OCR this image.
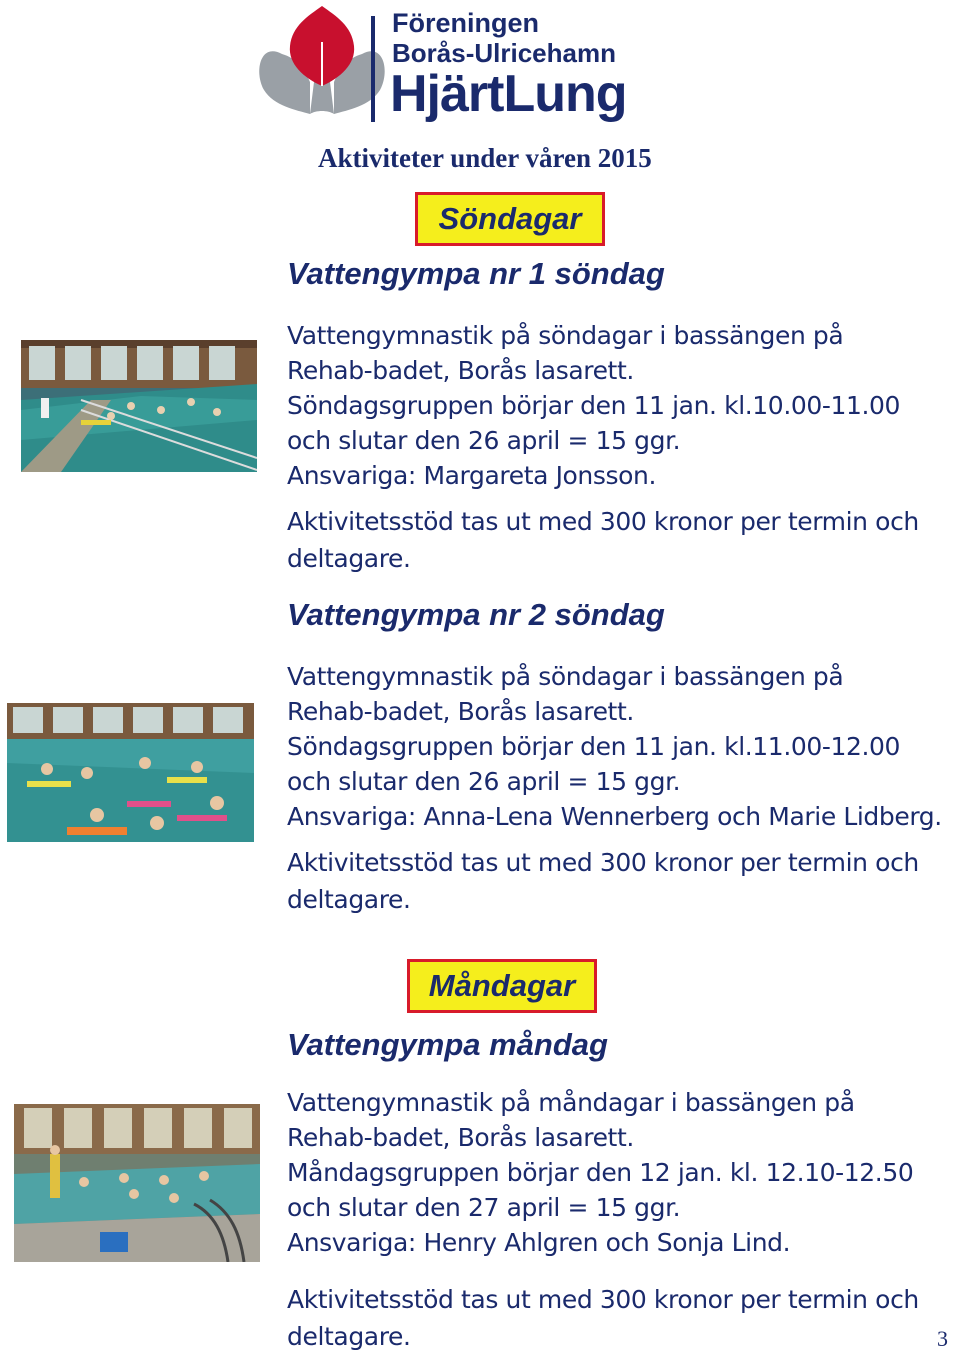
Föreningen
Borås-Ulricehamn
HjärtLung
Aktiviteter under våren 2015
Söndagar
Vattengympa nr 1 söndag
Vattengymnastik på söndagar i bassängen på
Rehab-badet, Borås lasarett.
Söndagsgruppen börjar den 11 jan. kl.10.00-11.00
och slutar den 26 april = 15 ggr.
Ansvariga: Margareta Jonsson.
Aktivitetsstöd tas ut med 300 kronor per termin och
deltagare.
Vattengympa nr 2 söndag
Vattengymnastik på söndagar i bassängen på
Rehab-badet, Borås lasarett.
Söndagsgruppen börjar den 11 jan. kl.11.00-12.00
och slutar den 26 april = 15 ggr.
Ansvariga: Anna-Lena Wennerberg och Marie Lidberg.
Aktivitetsstöd tas ut med 300 kronor per termin och
deltagare.
Måndagar
Vattengympa måndag
Vattengymnastik på måndagar i bassängen på
Rehab-badet, Borås lasarett.
Måndagsgruppen börjar den 12 jan. kl. 12.10-12.50
och slutar den 27 april = 15 ggr.
Ansvariga: Henry Ahlgren och Sonja Lind.
Aktivitetsstöd tas ut med 300 kronor per termin och
deltagare.	3
